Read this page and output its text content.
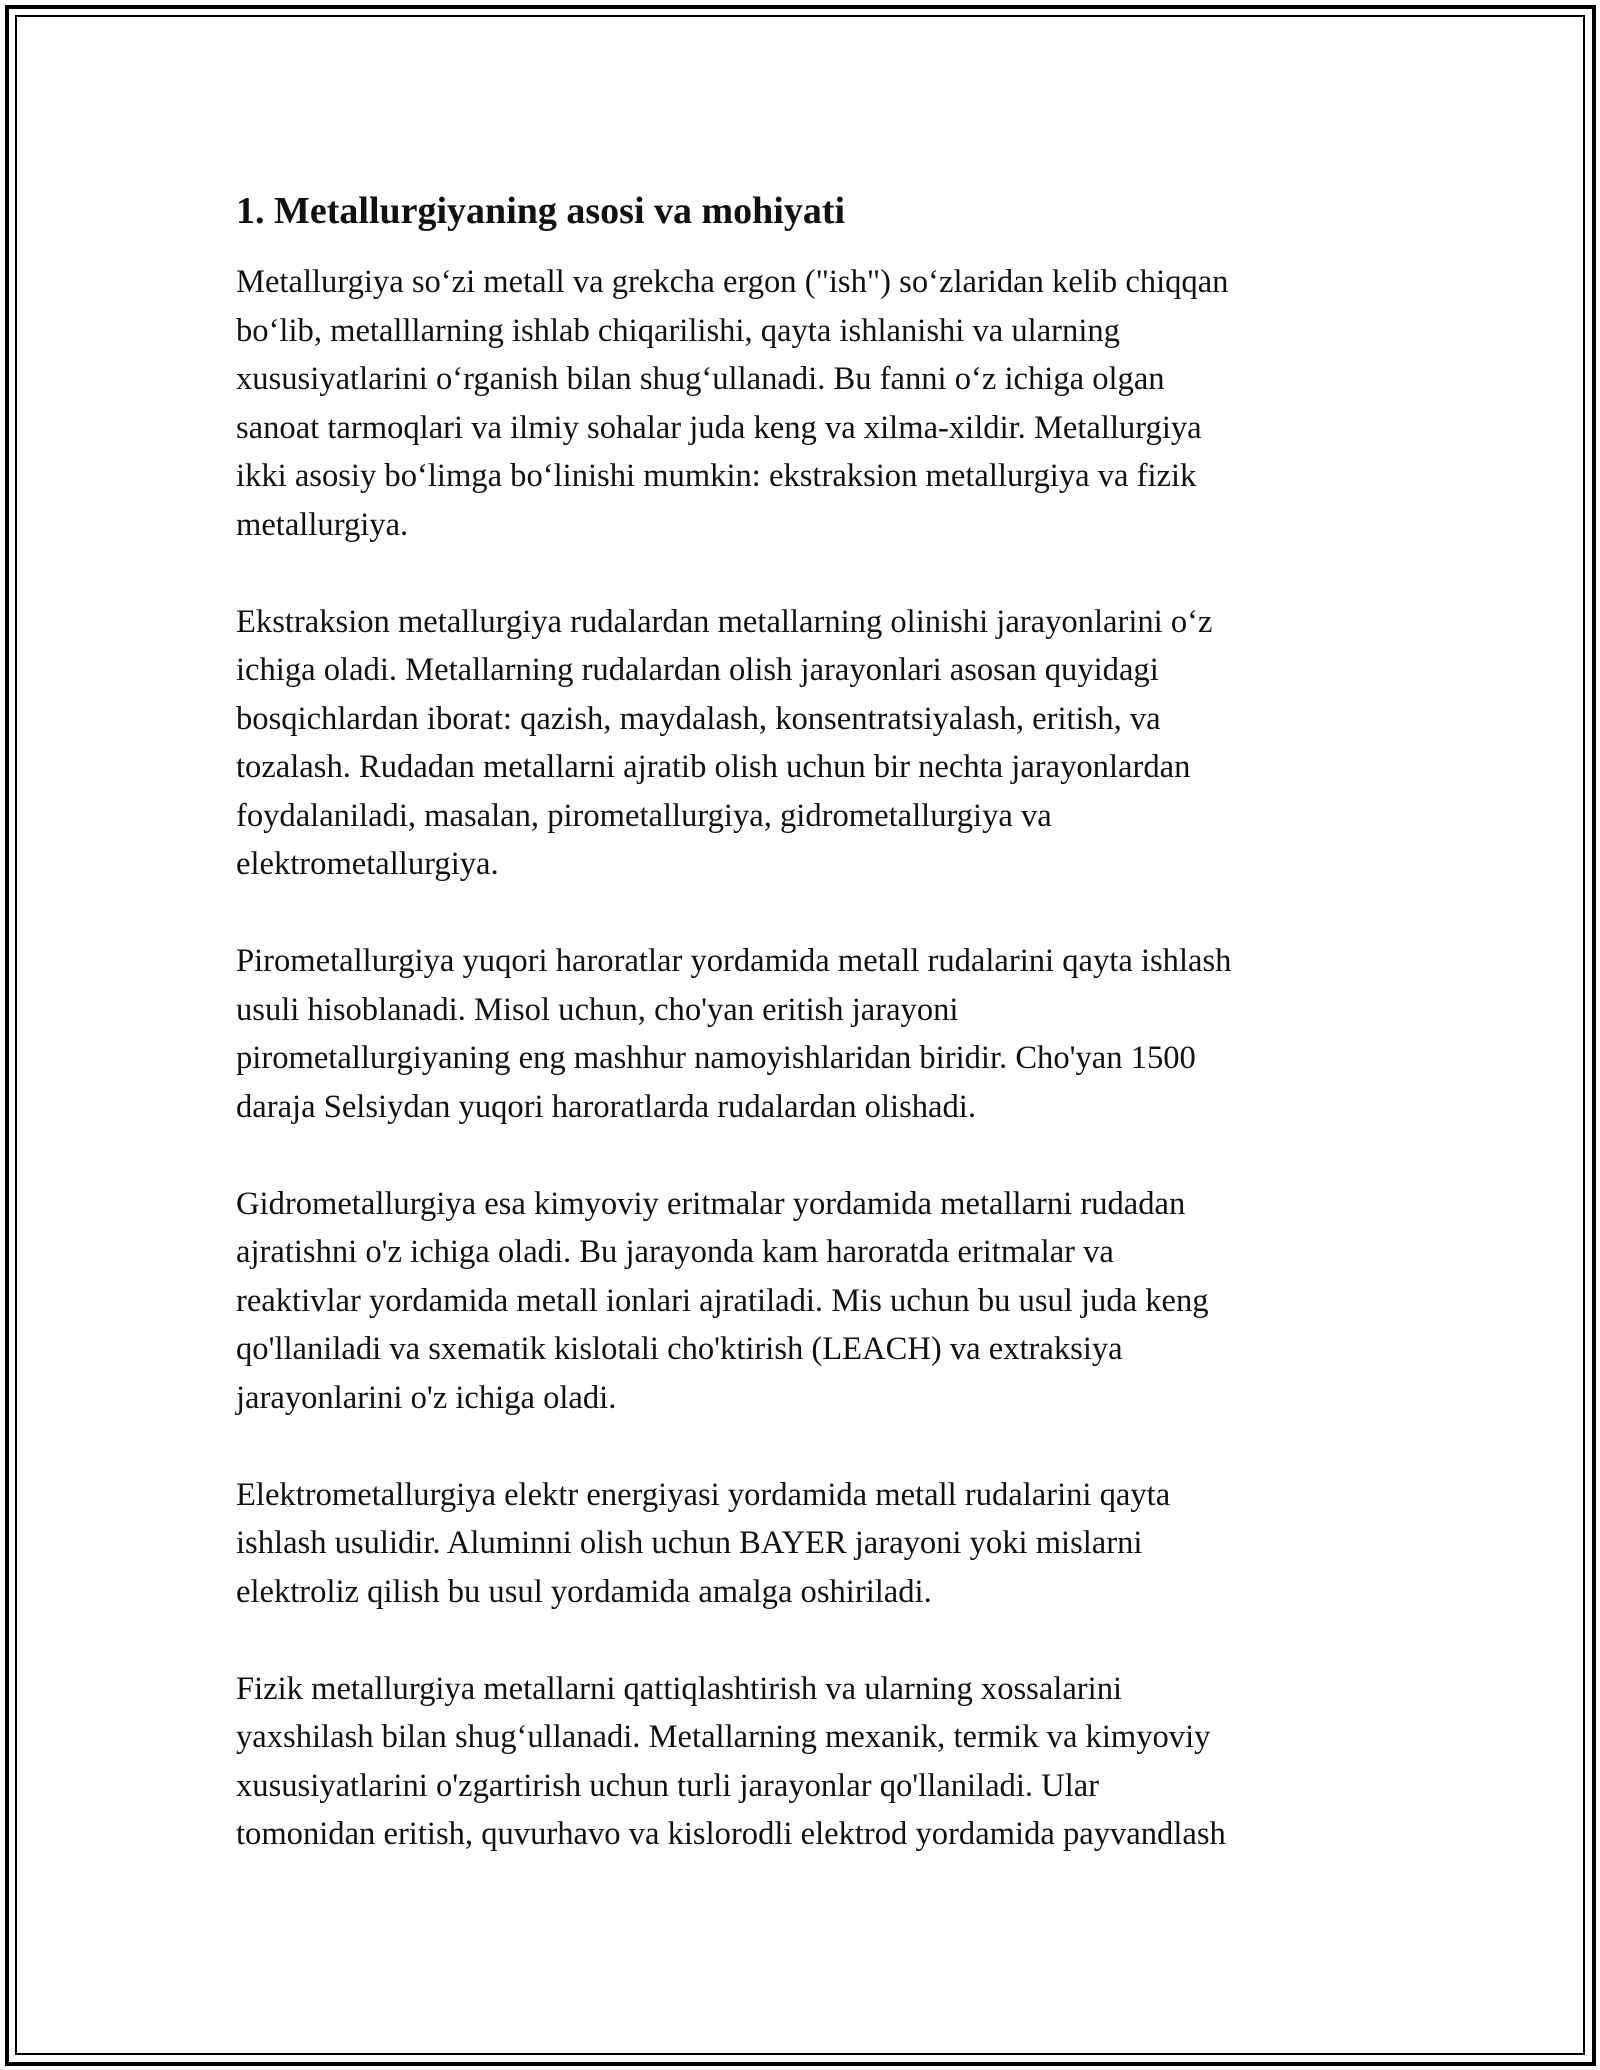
1. Metallurgiyaning asosi va mohiyati
Metallurgiya so‘zi metall va grekcha ergon ("ish") so‘zlaridan kelib chiqqan
bo‘lib, metalllarning ishlab chiqarilishi, qayta ishlanishi va ularning
xususiyatlarini o‘rganish bilan shug‘ullanadi. Bu fanni o‘z ichiga olgan
sanoat tarmoqlari va ilmiy sohalar juda keng va xilma-xildir. Metallurgiya
ikki asosiy bo‘limga bo‘linishi mumkin: ekstraksion metallurgiya va fizik
metallurgiya.
Ekstraksion metallurgiya rudalardan metallarning olinishi jarayonlarini o‘z
ichiga oladi. Metallarning rudalardan olish jarayonlari asosan quyidagi
bosqichlardan iborat: qazish, maydalash, konsentratsiyalash, eritish, va
tozalash. Rudadan metallarni ajratib olish uchun bir nechta jarayonlardan
foydalaniladi, masalan, pirometallurgiya, gidrometallurgiya va
elektrometallurgiya.
Pirometallurgiya yuqori haroratlar yordamida metall rudalarini qayta ishlash
usuli hisoblanadi. Misol uchun, cho'yan eritish jarayoni
pirometallurgiyaning eng mashhur namoyishlaridan biridir. Cho'yan 1500
daraja Selsiydan yuqori haroratlarda rudalardan olishadi.
Gidrometallurgiya esa kimyoviy eritmalar yordamida metallarni rudadan
ajratishni o'z ichiga oladi. Bu jarayonda kam haroratda eritmalar va
reaktivlar yordamida metall ionlari ajratiladi. Mis uchun bu usul juda keng
qo'llaniladi va sxematik kislotali cho'ktirish (LEACH) va extraksiya
jarayonlarini o'z ichiga oladi.
Elektrometallurgiya elektr energiyasi yordamida metall rudalarini qayta
ishlash usulidir. Aluminni olish uchun BAYER jarayoni yoki mislarni
elektroliz qilish bu usul yordamida amalga oshiriladi.
Fizik metallurgiya metallarni qattiqlashtirish va ularning xossalarini
yaxshilash bilan shug‘ullanadi. Metallarning mexanik, termik va kimyoviy
xususiyatlarini o'zgartirish uchun turli jarayonlar qo'llaniladi. Ular
tomonidan eritish, quvurhavo va kislorodli elektrod yordamida payvandlash
